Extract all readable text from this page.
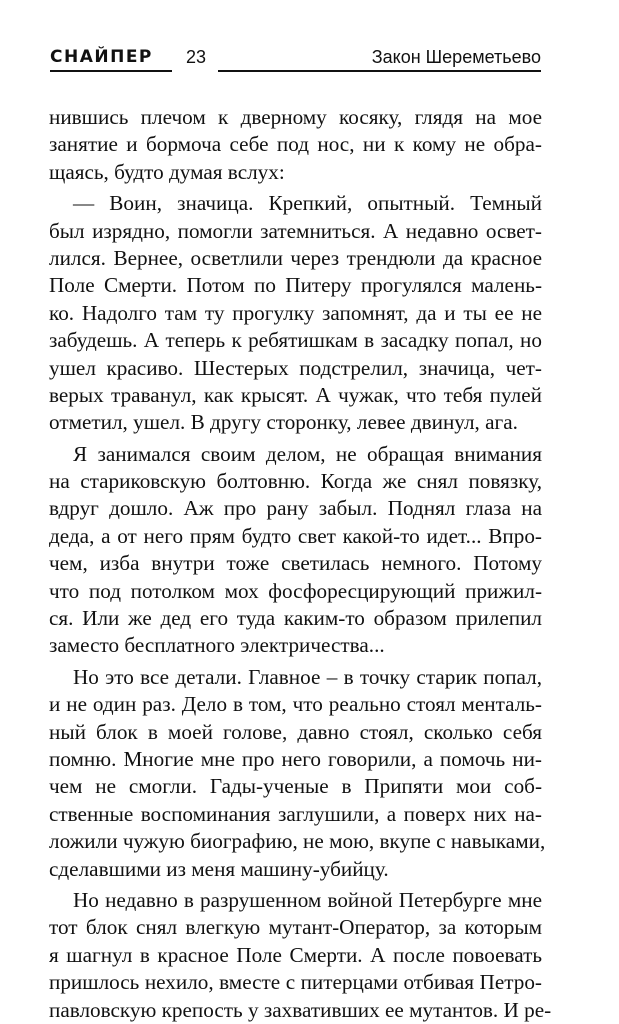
СНАЙПЕР 23	Закон Шереметьево
нившись плечом к дверному косяку, глядя на мое
занятие и бормоча себе под нос, ни к кому не обра-
щаясь, будто думая вслух:
— Воин, значица. Крепкий, опытный. Темный
был изрядно, помогли затемниться. А недавно освет-
лился. Вернее, осветлили через трендюли да красное
Поле Смерти. Потом по Питеру прогулялся малень-
ко. Надолго там ту прогулку запомнят, да и ты ее не
забудешь. А теперь к ребятишкам в засадку попал, но
ушел красиво. Шестерых подстрелил, значица, чет-
верых траванул, как крысят. А чужак, что тебя пулей
отметил, ушел. В другу сторонку, левее двинул, ага.
Я занимался своим делом, не обращая внимания
на стариковскую болтовню. Когда же снял повязку,
вдруг дошло. Аж про рану забыл. Поднял глаза на
деда, а от него прям будто свет какой-то идет... Впро-
чем, изба внутри тоже светилась немного. Потому
что под потолком мох фосфоресцирующий прижил-
ся. Или же дед его туда каким-то образом прилепил
заместо бесплатного электричества...
Но это все детали. Главное – в точку старик попал,
и не один раз. Дело в том, что реально стоял менталь-
ный блок в моей голове, давно стоял, сколько себя
помню. Многие мне про него говорили, а помочь ни-
чем не смогли. Гады-ученые в Припяти мои соб-
ственные воспоминания заглушили, а поверх них на-
ложили чужую биографию, не мою, вкупе с навыками,
сделавшими из меня машину-убийцу.
Но недавно в разрушенном войной Петербурге мне
тот блок снял влегкую мутант-Оператор, за которым
я шагнул в красное Поле Смерти. А после повоевать
пришлось нехило, вместе с питерцами отбивая Петро-
павловскую крепость у захвативших ее мутантов. И ре-
